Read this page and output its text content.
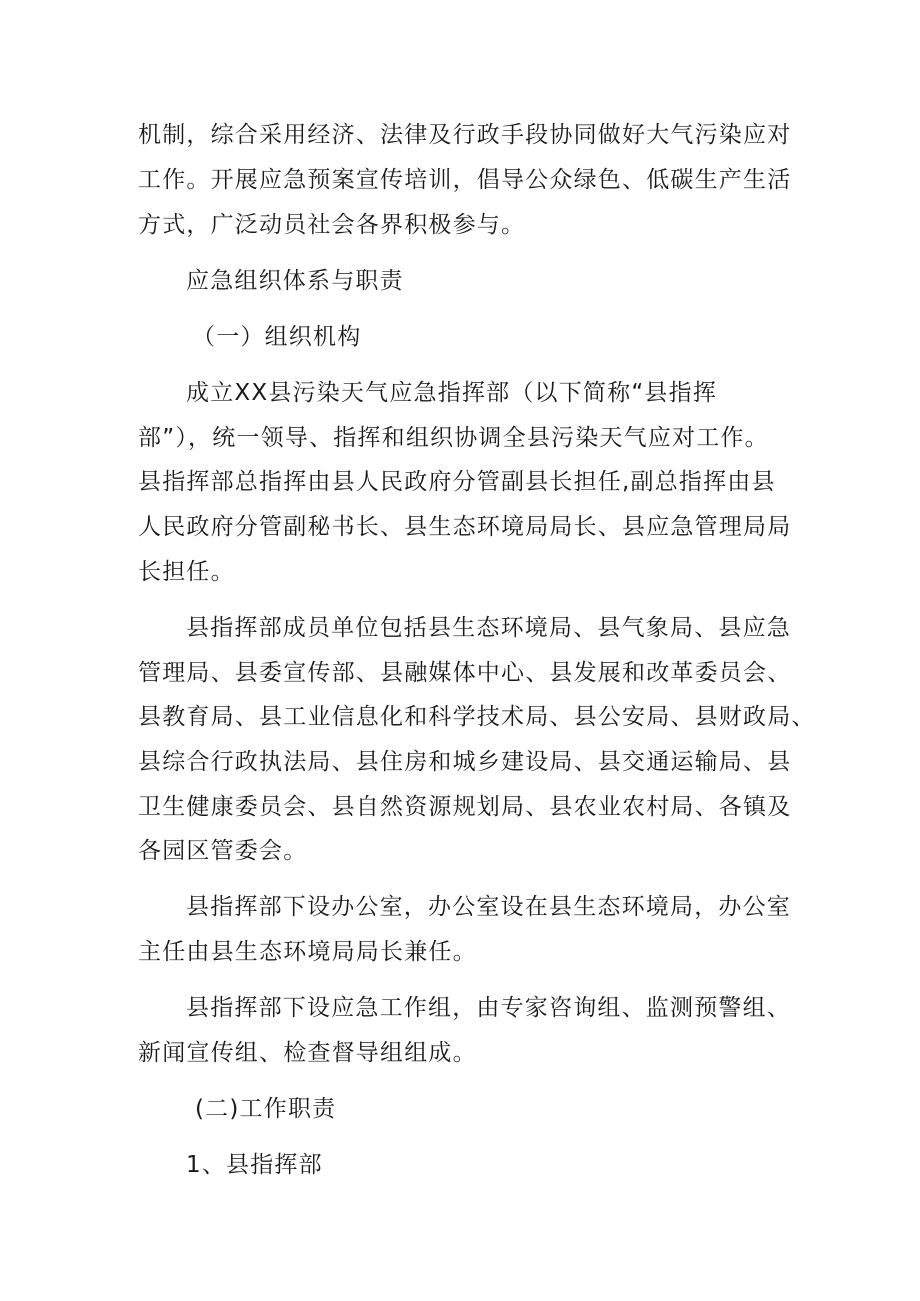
机制，综合采用经济、法律及行政手段协同做好大气污染应对
工作。开展应急预案宣传培训，倡导公众绿色、低碳生产生活
方式，广泛动员社会各界积极参与。
应急组织体系与职责
（一）组织机构
成立XX县污染天气应急指挥部（以下简称“县指挥
部”），统一领导、指挥和组织协调全县污染天气应对工作。
县指挥部总指挥由县人民政府分管副县长担任,副总指挥由县
人民政府分管副秘书长、县生态环境局局长、县应急管理局局
长担任。
县指挥部成员单位包括县生态环境局、县气象局、县应急
管理局、县委宣传部、县融媒体中心、县发展和改革委员会、
县教育局、县工业信息化和科学技术局、县公安局、县财政局、
县综合行政执法局、县住房和城乡建设局、县交通运输局、县
卫生健康委员会、县自然资源规划局、县农业农村局、各镇及
各园区管委会。
县指挥部下设办公室，办公室设在县生态环境局，办公室
主任由县生态环境局局长兼任。
县指挥部下设应急工作组，由专家咨询组、监测预警组、
新闻宣传组、检查督导组组成。
(二)工作职责
1、县指挥部
